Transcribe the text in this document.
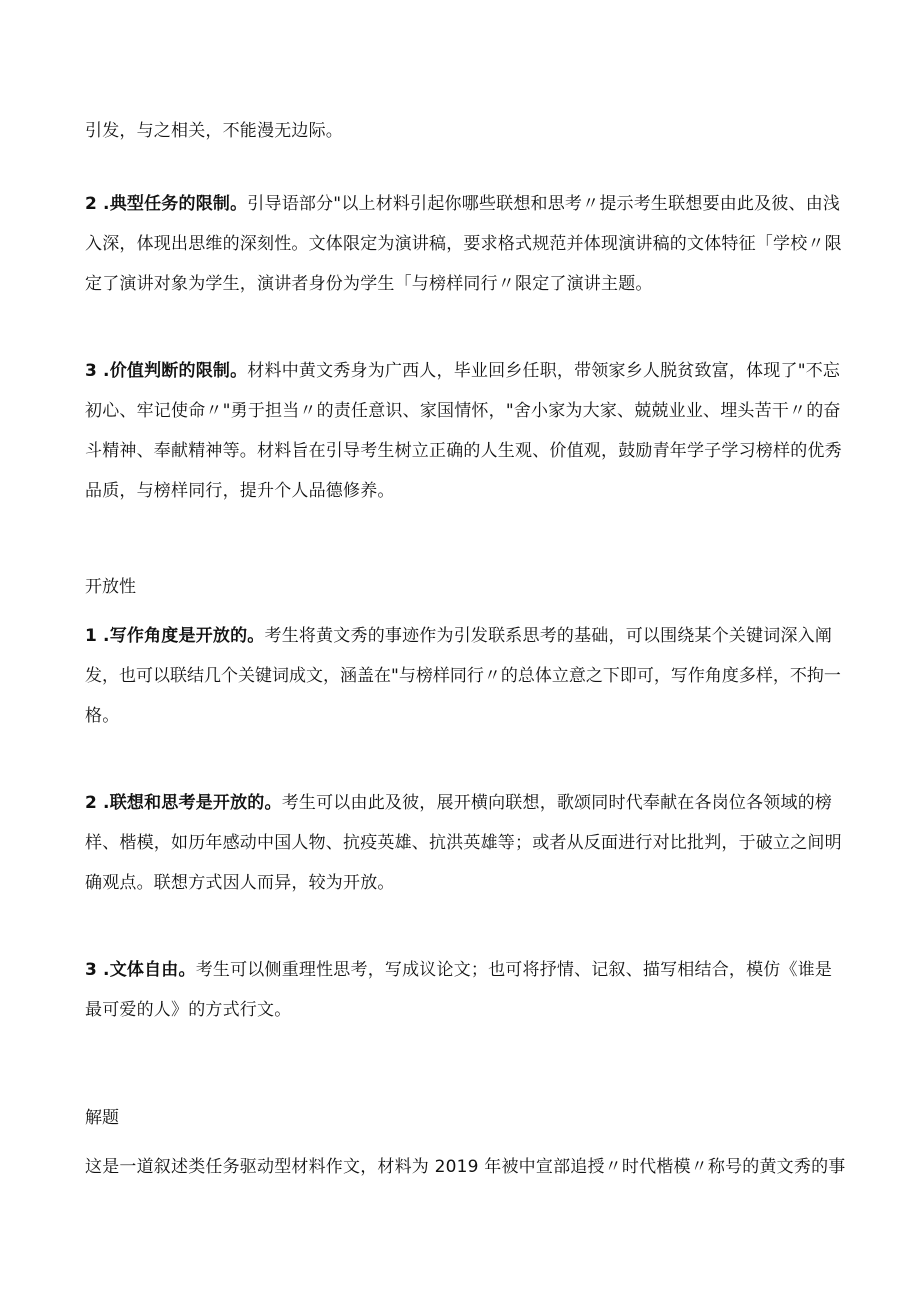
引发，与之相关，不能漫无边际。
2 .典型任务的限制。引导语部分"以上材料引起你哪些联想和思考〃提示考生联想要由此及彼、由浅
入深，体现出思维的深刻性。文体限定为演讲稿，要求格式规范并体现演讲稿的文体特征「学校〃限
定了演讲对象为学生，演讲者身份为学生「与榜样同行〃限定了演讲主题。
3 .价值判断的限制。材料中黄文秀身为广西人，毕业回乡任职，带领家乡人脱贫致富，体现了"不忘
初心、牢记使命〃"勇于担当〃的责任意识、家国情怀，"舍小家为大家、兢兢业业、埋头苦干〃的奋
斗精神、奉献精神等。材料旨在引导考生树立正确的人生观、价值观，鼓励青年学子学习榜样的优秀
品质，与榜样同行，提升个人品德修养。
开放性
1 .写作角度是开放的。考生将黄文秀的事迹作为引发联系思考的基础，可以围绕某个关键词深入阐
发，也可以联结几个关键词成文，涵盖在"与榜样同行〃的总体立意之下即可，写作角度多样，不拘一
格。
2 .联想和思考是开放的。考生可以由此及彼，展开横向联想，歌颂同时代奉献在各岗位各领域的榜
样、楷模，如历年感动中国人物、抗疫英雄、抗洪英雄等；或者从反面进行对比批判，于破立之间明
确观点。联想方式因人而异，较为开放。
3 .文体自由。考生可以侧重理性思考，写成议论文；也可将抒情、记叙、描写相结合，模仿《谁是
最可爱的人》的方式行文。
解题
这是一道叙述类任务驱动型材料作文，材料为 2019 年被中宣部追授〃时代楷模〃称号的黄文秀的事
